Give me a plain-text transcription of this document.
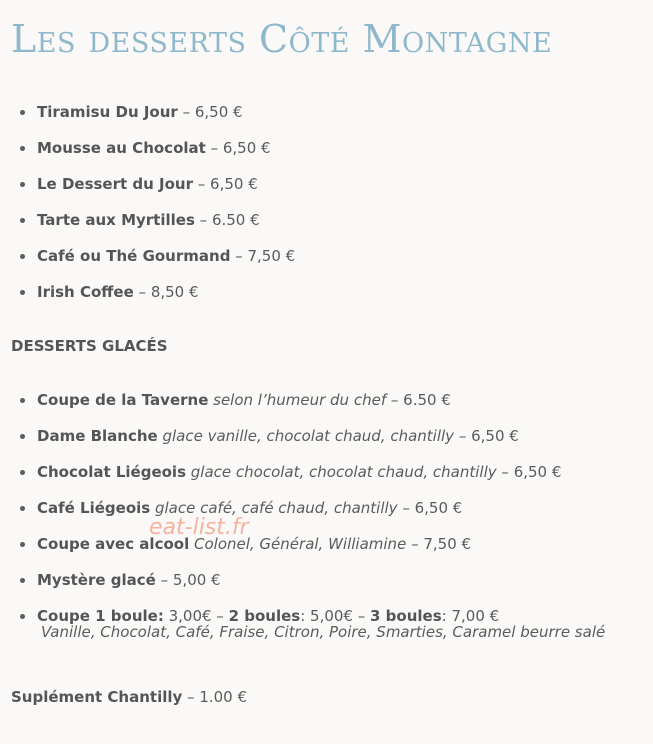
Les desserts Côté Montagne
Tiramisu Du Jour – 6,50 €
Mousse au Chocolat – 6,50 €
Le Dessert du Jour – 6,50 €
Tarte aux Myrtilles – 6.50 €
Café ou Thé Gourmand – 7,50 €
Irish Coffee – 8,50 €
DESSERTS GLACÉS
Coupe de la Taverne selon l’humeur du chef – 6.50 €
Dame Blanche glace vanille, chocolat chaud, chantilly – 6,50 €
Chocolat Liégeois glace chocolat, chocolat chaud, chantilly – 6,50 €
Café Liégeois glace café, café chaud, chantilly – 6,50 €
Coupe avec alcool Colonel, Général, Williamine – 7,50 €
Mystère glacé – 5,00 €
Coupe 1 boule: 3,00€ – 2 boules: 5,00€ – 3 boules: 7,00 €
Vanille, Chocolat, Café, Fraise, Citron, Poire, Smarties, Caramel beurre salé
Suplément Chantilly – 1.00 €
eat-list.fr
